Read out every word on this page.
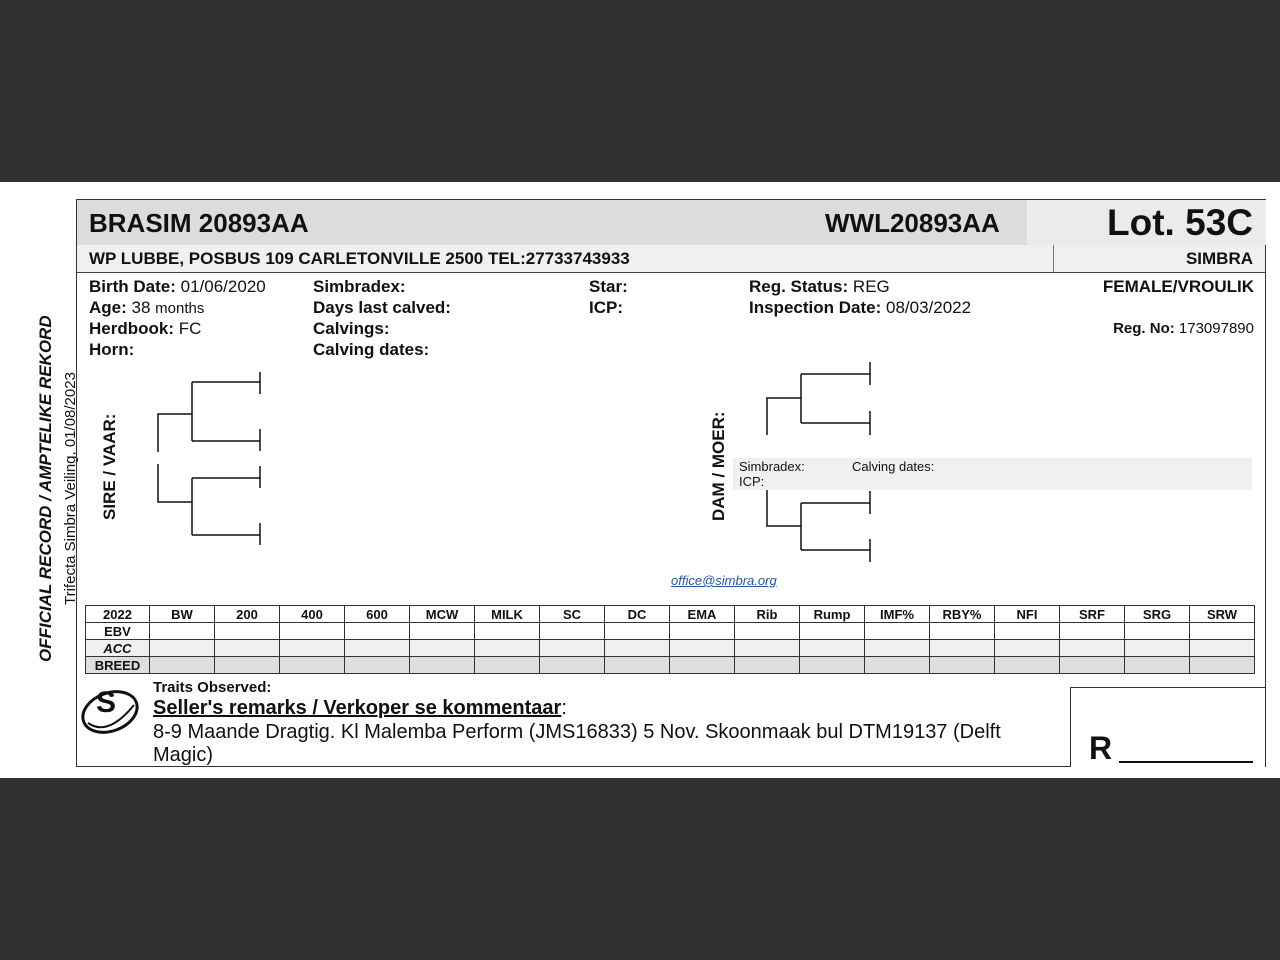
OFFICIAL RECORD / AMPTELIKE REKORD Trifecta Simbra Veiling, 01/08/2023
BRASIM 20893AA	WWL20893AA	Lot. 53C
WP LUBBE, POSBUS 109 CARLETONVILLE 2500 TEL:27733743933	SIMBRA
Birth Date: 01/06/2020
Age: 38 months
Herdbook: FC
Horn:
Simbradex:
Days last calved:
Calvings:
Calving dates:
Star:
ICP:
Reg. Status: REG
Inspection Date: 08/03/2022
FEMALE/VROULIK
Reg. No: 173097890
SIRE / VAAR:	DAM / MOER: Simbradex:	Calving dates:
ICP:
office@simbra.org
2022	BW	200	400	600	MCW	MILK	SC	DC	EMA	Rib	Rump	IMF%	RBY%	NFI	SRF	SRG	SRW
EBV																	
ACC																	
BREED																	
S Traits Observed:
Seller's remarks / Verkoper se kommentaar:
8-9 Maande Dragtig. Kl Malemba Perform (JMS16833) 5 Nov. Skoonmaak bul DTM19137 (Delft Magic)	R
